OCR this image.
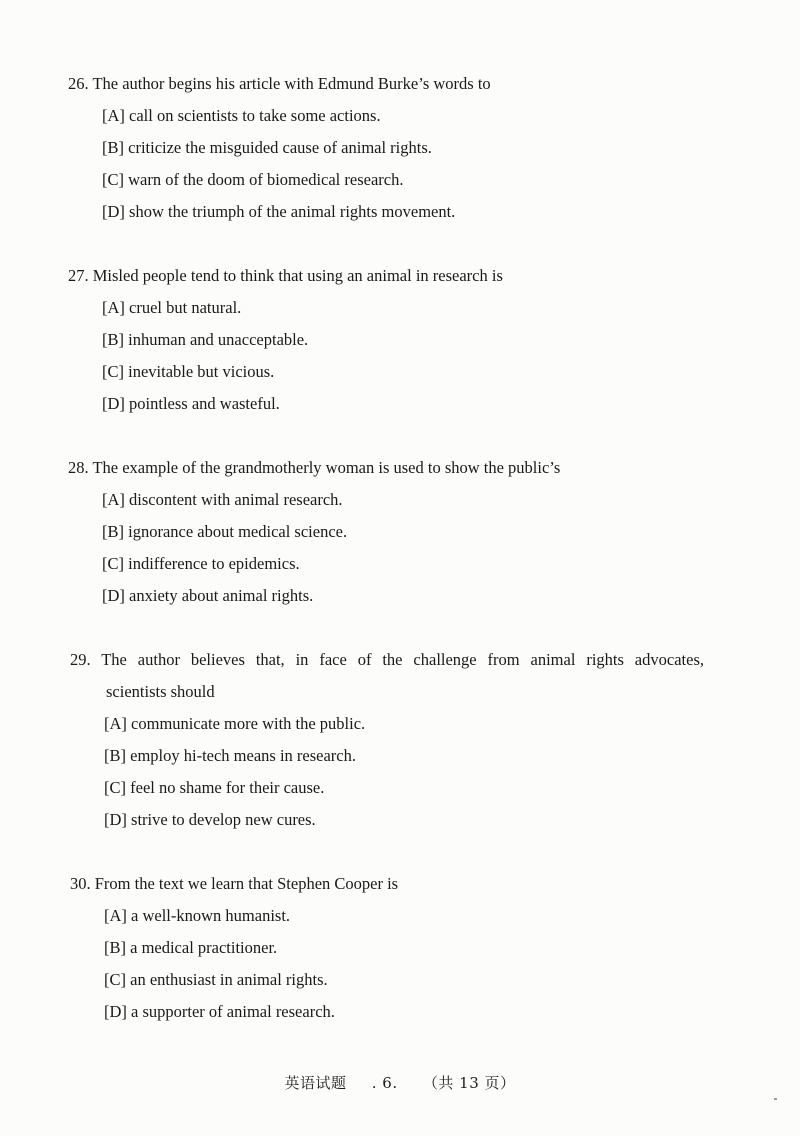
26. The author begins his article with Edmund Burke’s words to

[A] call on scientists to take some actions.
[B] criticize the misguided cause of animal rights.
[C] warn of the doom of biomedical research.
[D] show the triumph of the animal rights movement.

27. Misled people tend to think that using an animal in research is

[A] cruel but natural.
[B] inhuman and unacceptable.
[C] inevitable but vicious.
[D] pointless and wasteful.

28. The example of the grandmotherly woman is used to show the public’s

[A] discontent with animal research.
[B] ignorance about medical science.
[C] indifference to epidemics.
[D] anxiety about animal rights.

29. The author believes that, in face of the challenge from animal rights advocates,

scientists should

[A] communicate more with the public.
[B] employ hi-tech means in research.
[C] feel no shame for their cause.
[D] strive to develop new cures.

30. From the text we learn that Stephen Cooper is

[A] a well-known humanist.
[B] a medical practitioner.
[C] an enthusiast in animal rights.
[D] a supporter of animal research.
英语试题 . 6. （共 13 页）
